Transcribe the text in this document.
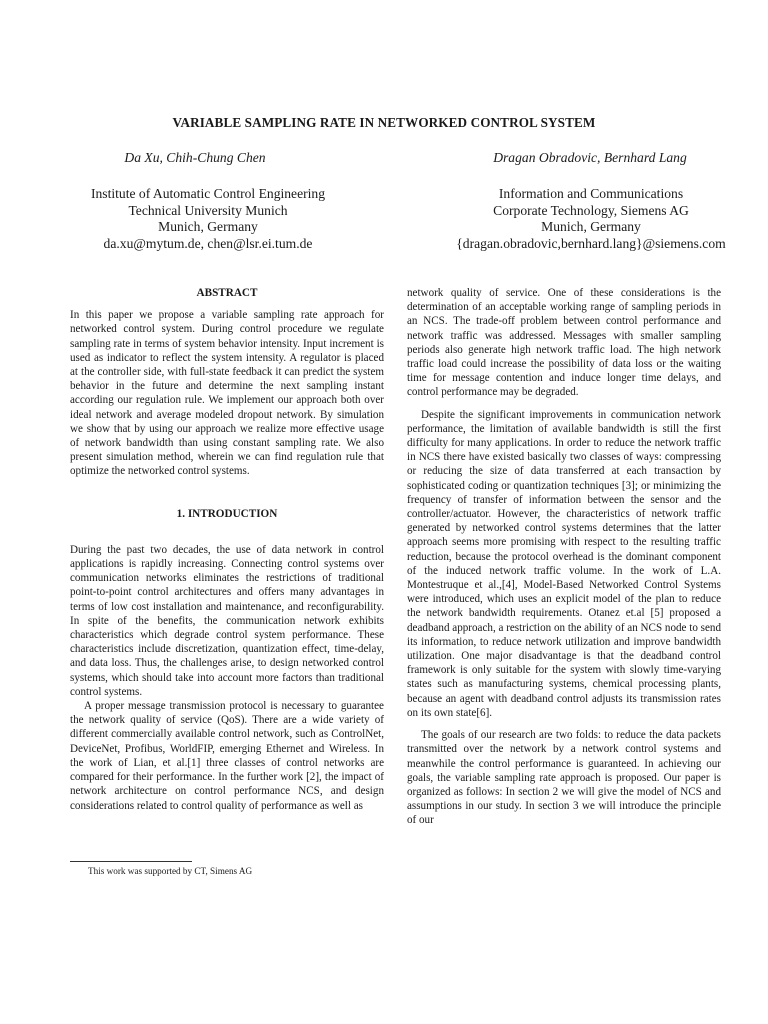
VARIABLE SAMPLING RATE IN NETWORKED CONTROL SYSTEM
Da Xu, Chih-Chung Chen	Dragan Obradovic, Bernhard Lang
Institute of Automatic Control Engineering
Technical University Munich
Munich, Germany
da.xu@mytum.de, chen@lsr.ei.tum.de
Information and Communications
Corporate Technology, Siemens AG
Munich, Germany
{dragan.obradovic,bernhard.lang}@siemens.com
ABSTRACT

In this paper we propose a variable sampling rate approach for networked control system. During control procedure we regulate sampling rate in terms of system behavior intensity. Input increment is used as indicator to reflect the system intensity. A regulator is placed at the controller side, with full-state feedback it can predict the system behavior in the future and determine the next sampling instant according our regulation rule. We implement our approach both over ideal network and average modeled dropout network. By simulation we show that by using our approach we realize more effective usage of network bandwidth than using constant sampling rate. We also present simulation method, wherein we can find regulation rule that optimize the networked control systems.

1. INTRODUCTION

During the past two decades, the use of data network in control applications is rapidly increasing. Connecting control systems over communication networks eliminates the restrictions of traditional point-to-point control architectures and offers many advantages in terms of low cost installation and maintenance, and reconfigurability. In spite of the benefits, the communication network exhibits characteristics which degrade control system performance. These characteristics include discretization, quantization effect, time-delay, and data loss. Thus, the challenges arise, to design networked control systems, which should take into account more factors than traditional control systems.

A proper message transmission protocol is necessary to guarantee the network quality of service (QoS). There are a wide variety of different commercially available control network, such as ControlNet, DeviceNet, Profibus, WorldFIP, emerging Ethernet and Wireless. In the work of Lian, et al.[1] three classes of control networks are compared for their performance. In the further work [2], the impact of network architecture on control performance NCS, and design considerations related to control quality of performance as well as

network quality of service. One of these considerations is the determination of an acceptable working range of sampling periods in an NCS. The trade-off problem between control performance and network traffic was addressed. Messages with smaller sampling periods also generate high network traffic load. The high network traffic load could increase the possibility of data loss or the waiting time for message contention and induce longer time delays, and control performance may be degraded.

Despite the significant improvements in communication network performance, the limitation of available bandwidth is still the first difficulty for many applications. In order to reduce the network traffic in NCS there have existed basically two classes of ways: compressing or reducing the size of data transferred at each transaction by sophisticated coding or quantization techniques [3]; or minimizing the frequency of transfer of information between the sensor and the controller/actuator. However, the characteristics of network traffic generated by networked control systems determines that the latter approach seems more promising with respect to the resulting traffic reduction, because the protocol overhead is the dominant component of the induced network traffic volume. In the work of L.A. Montestruque et al.,[4], Model-Based Networked Control Systems were introduced, which uses an explicit model of the plan to reduce the network bandwidth requirements. Otanez et.al [5] proposed a deadband approach, a restriction on the ability of an NCS node to send its information, to reduce network utilization and improve bandwidth utilization. One major disadvantage is that the deadband control framework is only suitable for the system with slowly time-varying states such as manufacturing systems, chemical processing plants, because an agent with deadband control adjusts its transmission rates on its own state[6].

The goals of our research are two folds: to reduce the data packets transmitted over the network by a network control systems and meanwhile the control performance is guaranteed. In achieving our goals, the variable sampling rate approach is proposed. Our paper is organized as follows: In section 2 we will give the model of NCS and assumptions in our study. In section 3 we will introduce the principle of our

This work was supported by CT, Simens AG
